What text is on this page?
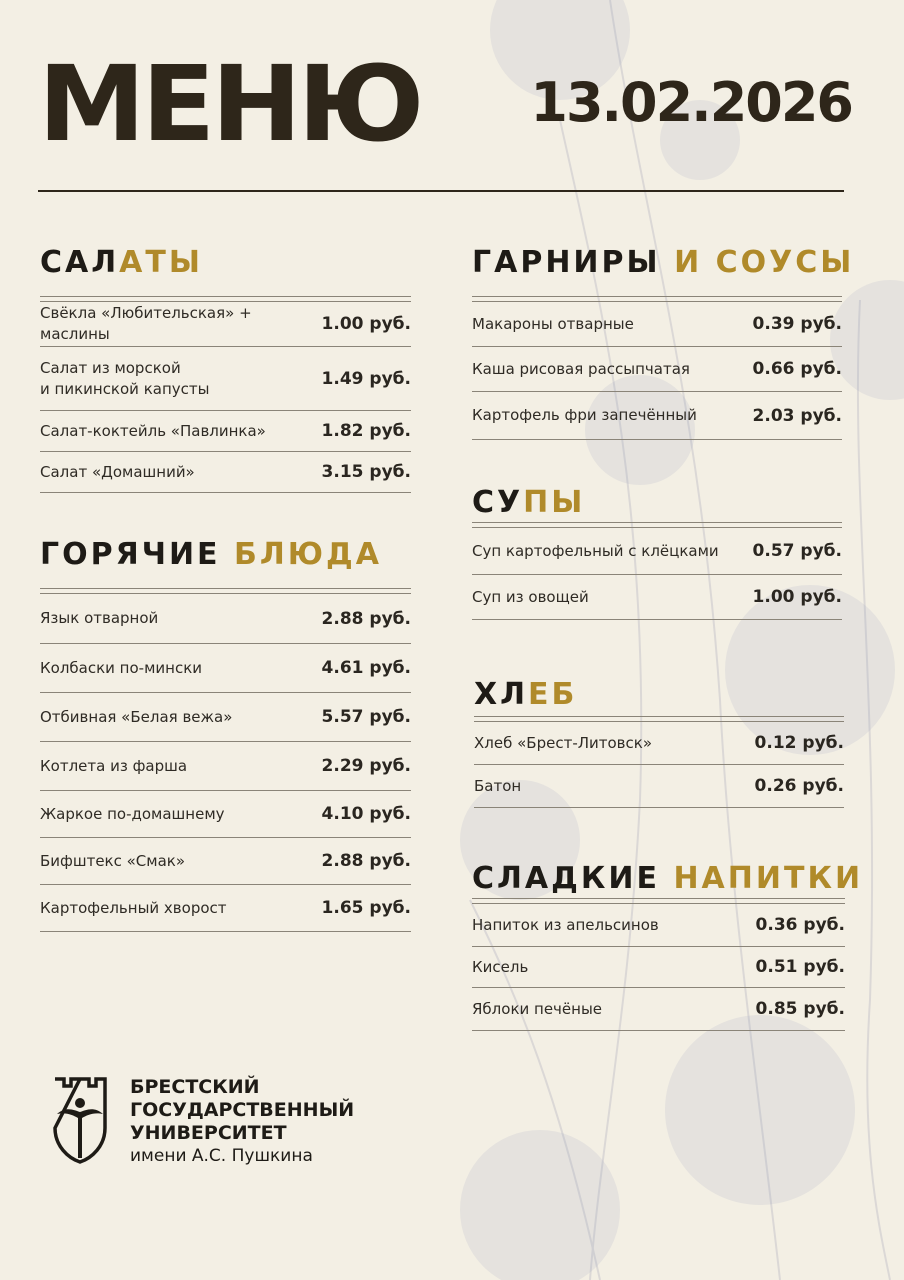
МЕНЮ 13.02.2026
САЛАТЫ
Свёкла «Любительская» + маслины	1.00 руб.
Салат из морской
и пикинской капусты	1.49 руб.
Салат-коктейль «Павлинка»	1.82 руб.
Салат «Домашний»	3.15 руб.
ГОРЯЧИЕ БЛЮДА
Язык отварной	2.88 руб.
Колбаски по-мински	4.61 руб.
Отбивная «Белая вежа»	5.57 руб.
Котлета из фарша	2.29 руб.
Жаркое по-домашнему	4.10 руб.
Бифштекс «Смак»	2.88 руб.
Картофельный хворост	1.65 руб.
ГАРНИРЫ И СОУСЫ
Макароны отварные	0.39 руб.
Каша рисовая рассыпчатая	0.66 руб.
Картофель фри запечённый	2.03 руб.
СУПЫ
Суп картофельный с клёцками 0.57 руб.
Суп из овощей	1.00 руб.
ХЛЕБ
Хлеб «Брест-Литовск»	0.12 руб.
Батон	0.26 руб.
СЛАДКИЕ НАПИТКИ
Напиток из апельсинов	0.36 руб.
Кисель	0.51 руб.
Яблоки печёные	0.85 руб.
БРЕСТСКИЙ
ГОСУДАРСТВЕННЫЙ
УНИВЕРСИТЕТ
имени А.С. Пушкина
